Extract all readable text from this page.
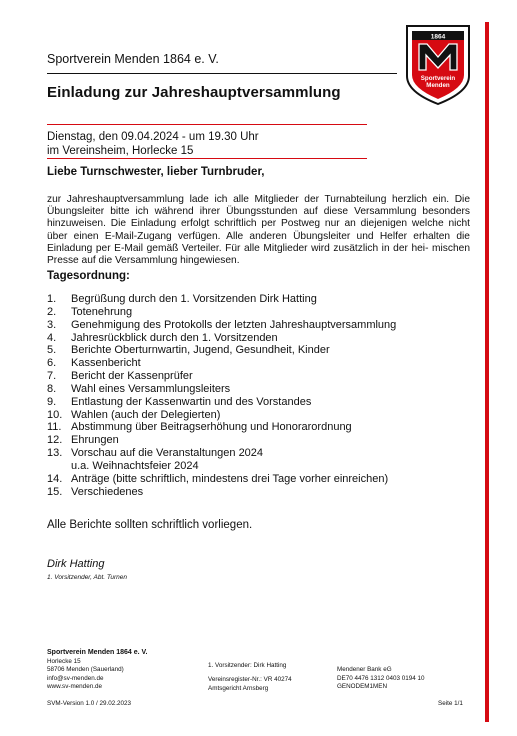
1864
Sportverein
Menden
Sportverein Menden 1864 e. V.
Einladung zur Jahreshauptversammlung
Dienstag, den 09.04.2024 - um 19.30 Uhr
im Vereinsheim, Horlecke 15
Liebe Turnschwester, lieber Turnbruder,
zur Jahreshauptversammlung lade ich alle Mitglieder der Turnabteilung herzlich ein. Die Übungsleiter bitte ich während ihrer Übungsstunden auf diese Versammlung besonders hinzuweisen. Die Einladung erfolgt schriftlich per Postweg nur an diejenigen welche nicht über einen E-Mail-Zugang verfügen. Alle anderen Übungsleiter und Helfer erhalten die Einladung per E-Mail gemäß Verteiler. Für alle Mitglieder wird zusätzlich in der hei- mischen Presse auf die Versammlung hingewiesen.
Tagesordnung:
1.	Begrüßung durch den 1. Vorsitzenden Dirk Hatting
2.	Totenehrung
3.	Genehmigung des Protokolls der letzten Jahreshauptversammlung
4.	Jahresrückblick durch den 1. Vorsitzenden
5.	Berichte Oberturnwartin, Jugend, Gesundheit, Kinder
6.	Kassenbericht
7.	Bericht der Kassenprüfer
8.	Wahl eines Versammlungsleiters
9.	Entlastung der Kassenwartin und des Vorstandes
10. Wahlen (auch der Delegierten)
11. Abstimmung über Beitragserhöhung und Honorarordnung
12. Ehrungen
13. Vorschau auf die Veranstaltungen 2024
u.a. Weihnachtsfeier 2024
14. Anträge (bitte schriftlich, mindestens drei Tage vorher einreichen)
15. Verschiedenes
Alle Berichte sollten schriftlich vorliegen.
Dirk Hatting
1. Vorsitzender, Abt. Turnen
Sportverein Menden 1864 e. V.
Horlecke 15
58706 Menden (Sauerland)
info@sv-menden.de
www.sv-menden.de
SVM-Version 1.0 / 29.02.2023
1. Vorsitzender: Dirk Hatting
Vereinsregister-Nr.: VR 40274
Amtsgericht Arnsberg
Mendener Bank eG
DE70 4476 1312 0403 0194 10
GENODEM1MEN
Seite 1/1
